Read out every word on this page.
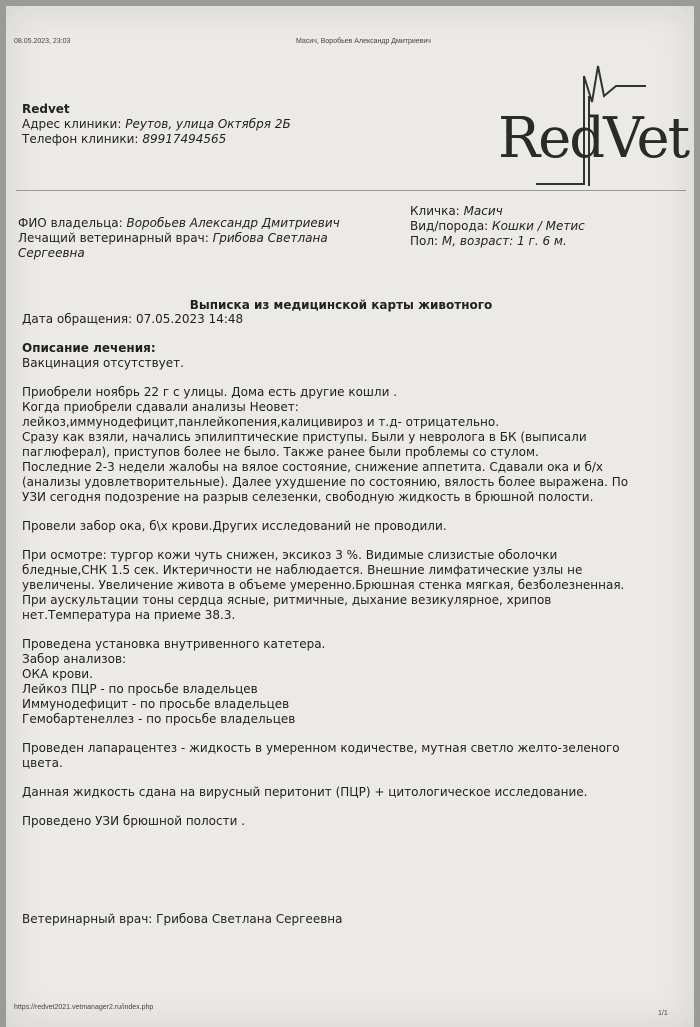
08.05.2023, 23:03	Масич, Воробьев Александр Дмитриевич
Redvet
Адрес клиники: Реутов, улица Октября 2Б
Телефон клиники: 89917494565	RedVet
ФИО владельца: Воробьев Александр Дмитриевич
Лечащий ветеринарный врач: Грибова Светлана Сергеевна
Кличка: Масич
Вид/порода: Кошки / Метис
Пол: М, возраст: 1 г. 6 м.
Выписка из медицинской карты животного

Дата обращения: 07.05.2023 14:48

Описание лечения:

Вакцинация отсутствует.

Приобрели ноябрь 22 г с улицы. Дома есть другие кошли .

Когда приобрели сдавали анализы Неовет:

лейкоз,иммунодефицит,панлейкопения,калицивироз и т.д- отрицательно.

Сразу как взяли, начались эпилиптические приступы. Были у невролога в БК (выписали

паглюферал), приступов более не было. Также ранее были проблемы со стулом.

Последние 2-3 недели жалобы на вялое состояние, снижение аппетита. Сдавали ока и б/х

(анализы удовлетворительные). Далее ухудшение по состоянию, вялость более выражена. По

УЗИ сегодня подозрение на разрыв селезенки, свободную жидкость в брюшной полости.

Провели забор ока, б\х крови.Других исследований не проводили.

При осмотре: тургор кожи чуть снижен, эксикоз 3 %. Видимые слизистые оболочки

бледные,СНК 1.5 сек. Иктеричности не наблюдается. Внешние лимфатические узлы не

увеличены. Увеличение живота в объеме умеренно.Брюшная стенка мягкая, безболезненная.

При аускультации тоны сердца ясные, ритмичные, дыхание везикулярное, хрипов

нет.Температура на приеме 38.3.

Проведена установка внутривенного катетера.

Забор анализов:

ОКА крови.

Лейкоз ПЦР - по просьбе владельцев

Иммунодефицит - по просьбе владельцев

Гемобартенеллез - по просьбе владельцев

Проведен лапарацентез - жидкость в умеренном кодичестве, мутная светло желто-зеленого

цвета.

Данная жидкость сдана на вирусный перитонит (ПЦР) + цитологическое исследование.

Проведено УЗИ брюшной полости .

Ветеринарный врач: Грибова Светлана Сергеевна
https://redvet2021.vetmanager2.ru/index.php
1/1
